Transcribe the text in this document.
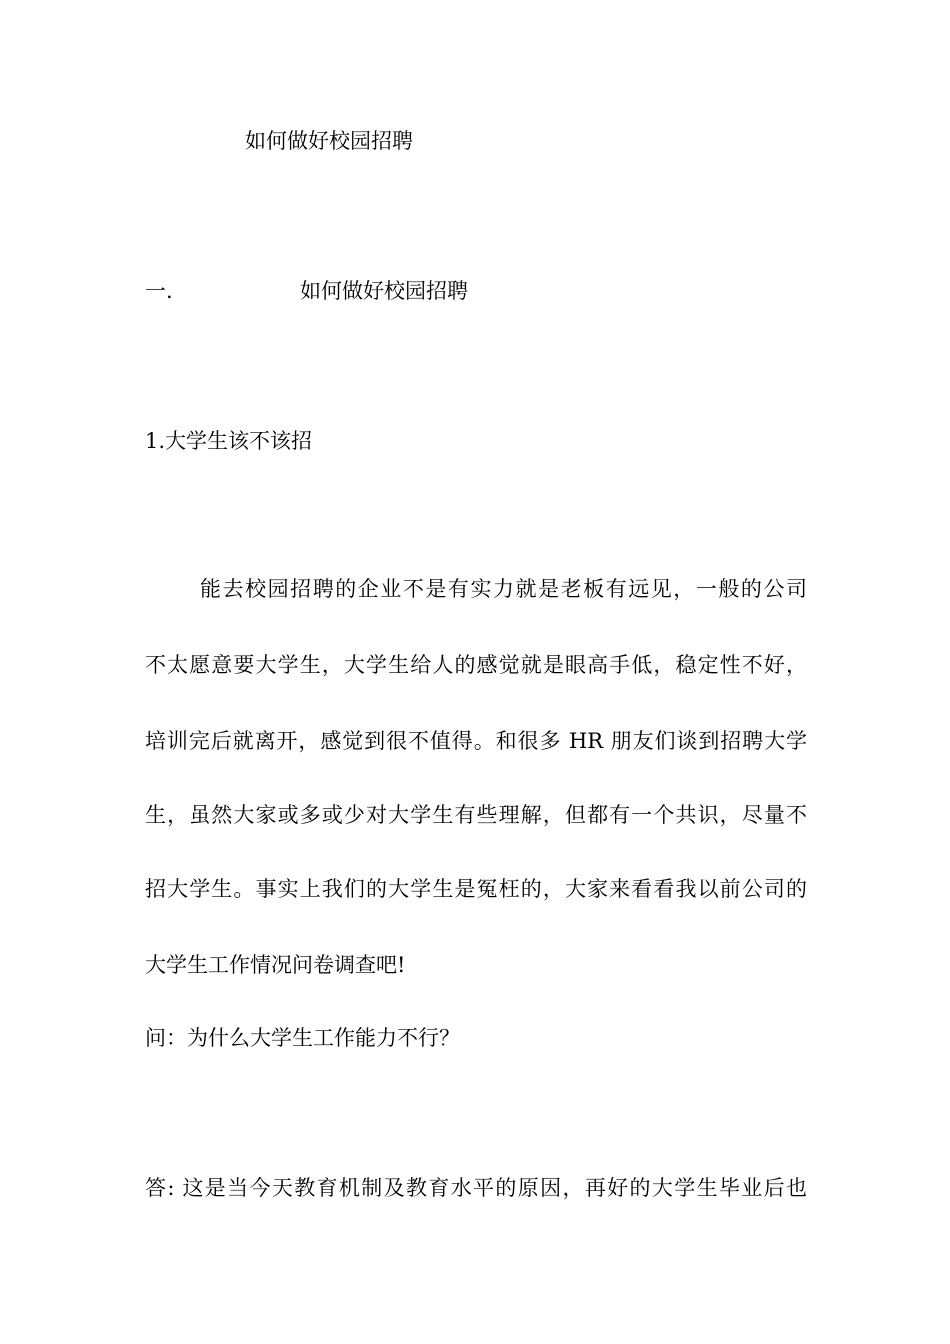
如何做好校园招聘
一.	如何做好校园招聘
1.大学生该不该招
能去校园招聘的企业不是有实力就是老板有远见，一般的公司
不太愿意要大学生，大学生给人的感觉就是眼高手低，稳定性不好，
培训完后就离开，感觉到很不值得。和很多 HR 朋友们谈到招聘大学
生，虽然大家或多或少对大学生有些理解，但都有一个共识，尽量不
招大学生。事实上我们的大学生是冤枉的，大家来看看我以前公司的
大学生工作情况问卷调查吧!
问：为什么大学生工作能力不行？
答: 这是当今天教育机制及教育水平的原因，再好的大学生毕业后也
